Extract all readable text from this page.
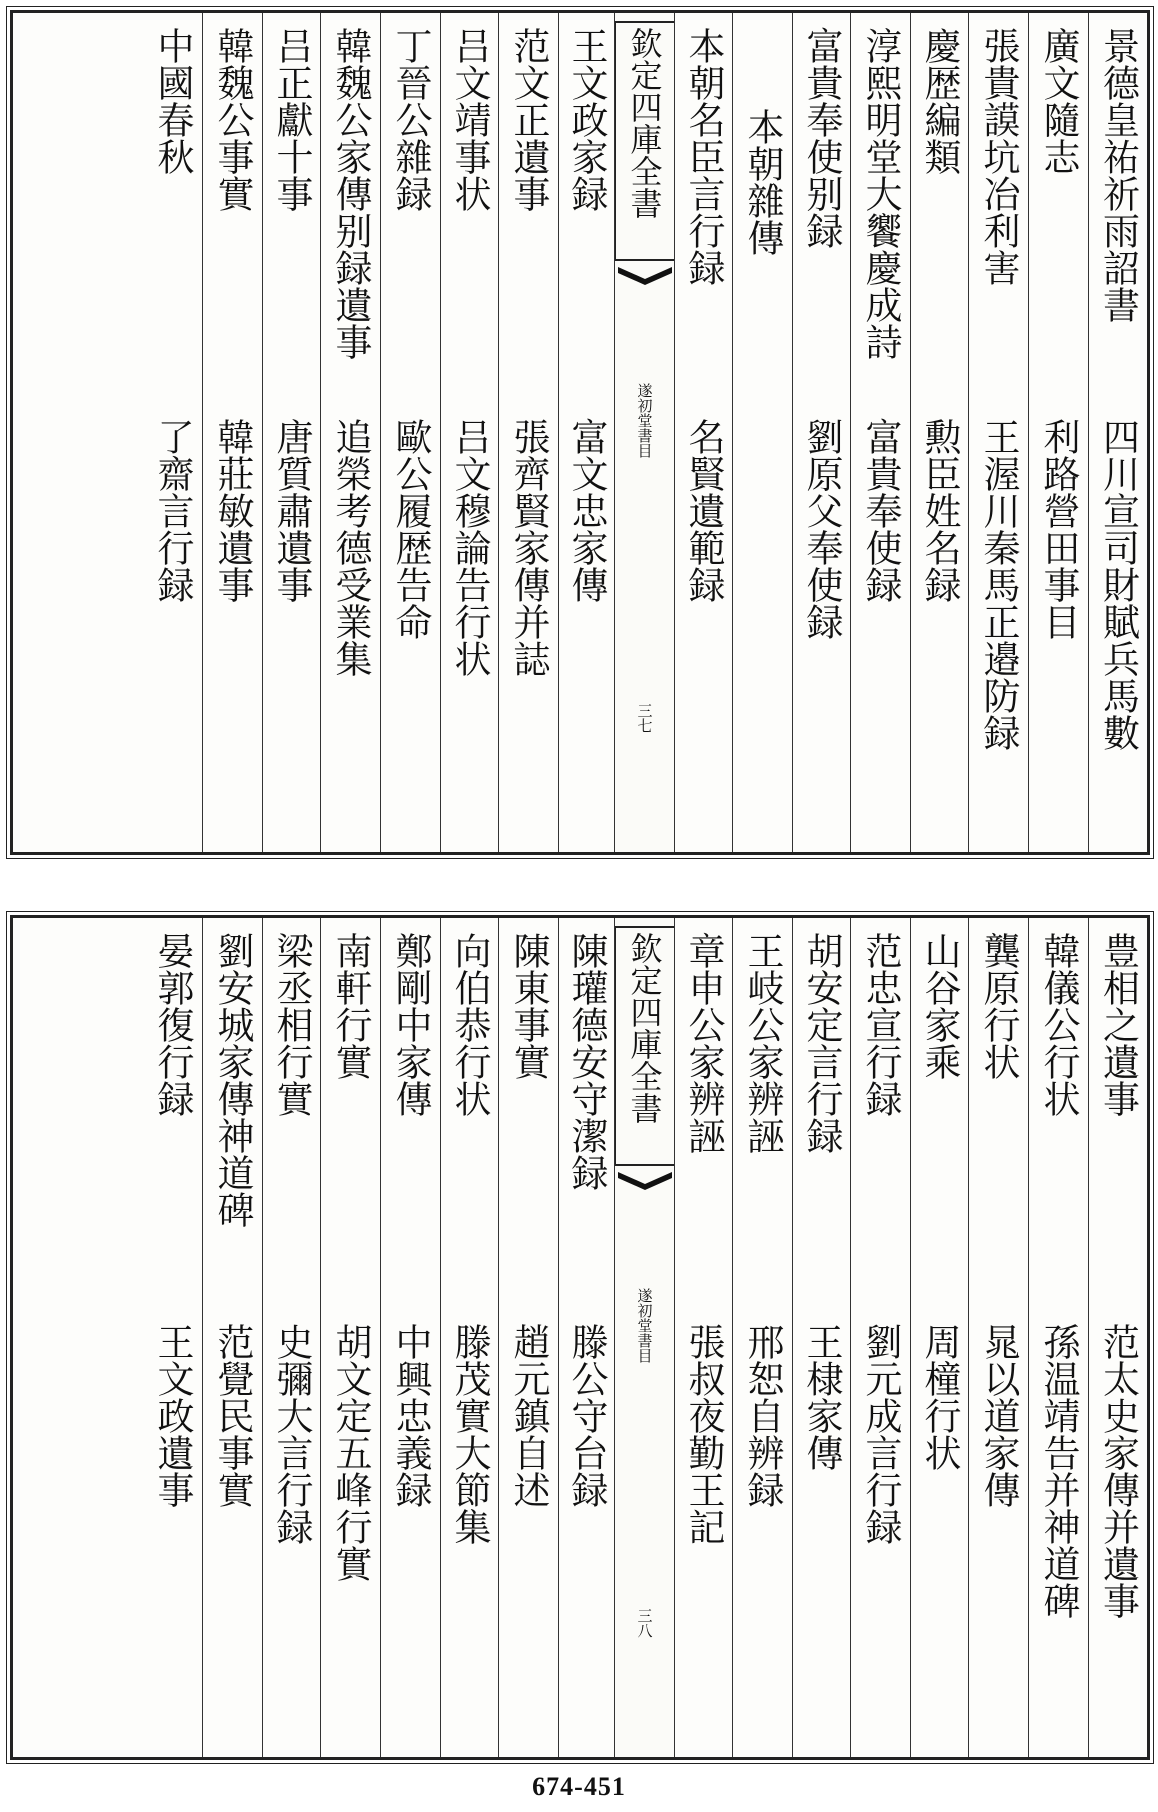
景德皇祐祈雨詔書
四川宣司財賦兵馬數
廣文隨志
利路營田事目
張貴謨坑冶利害
王渥川秦馬正邉防録
慶歴編類
勲臣姓名録
淳熙明堂大饗慶成詩
富貴奉使録
富貴奉使别録
劉原父奉使録
本朝雜傳
本朝名臣言行録
名賢遺範録
欽定四庫全書
遂初堂書目
三七
王文政家録
富文忠家傳
范文正遺事
張齊賢家傳并誌
吕文靖事状
吕文穆論告行状
丁晉公雜録
歐公履歴告命
韓魏公家傳别録遺事
追榮考德受業集
吕正獻十事
唐質肅遺事
韓魏公事實
韓莊敏遺事
中國春秋
了齋言行録
豊相之遺事
范太史家傳并遺事
韓儀公行状
孫温靖告并神道碑
龔原行状
晁以道家傳
山谷家乘
周橦行状
范忠宣行録
劉元成言行録
胡安定言行録
王棣家傳
王岐公家辨誣
邢恕自辨録
章申公家辨誣
張叔夜勤王記
欽定四庫全書
遂初堂書目
三八
陳瓘德安守潔録
滕公守台録
陳東事實
趙元鎮自述
向伯恭行状
滕茂實大節集
鄭剛中家傳
中興忠義録
南軒行實
胡文定五峰行實
梁丞相行實
史彌大言行録
劉安城家傳神道碑
范覺民事實
晏郭復行録
王文政遺事
674-451
